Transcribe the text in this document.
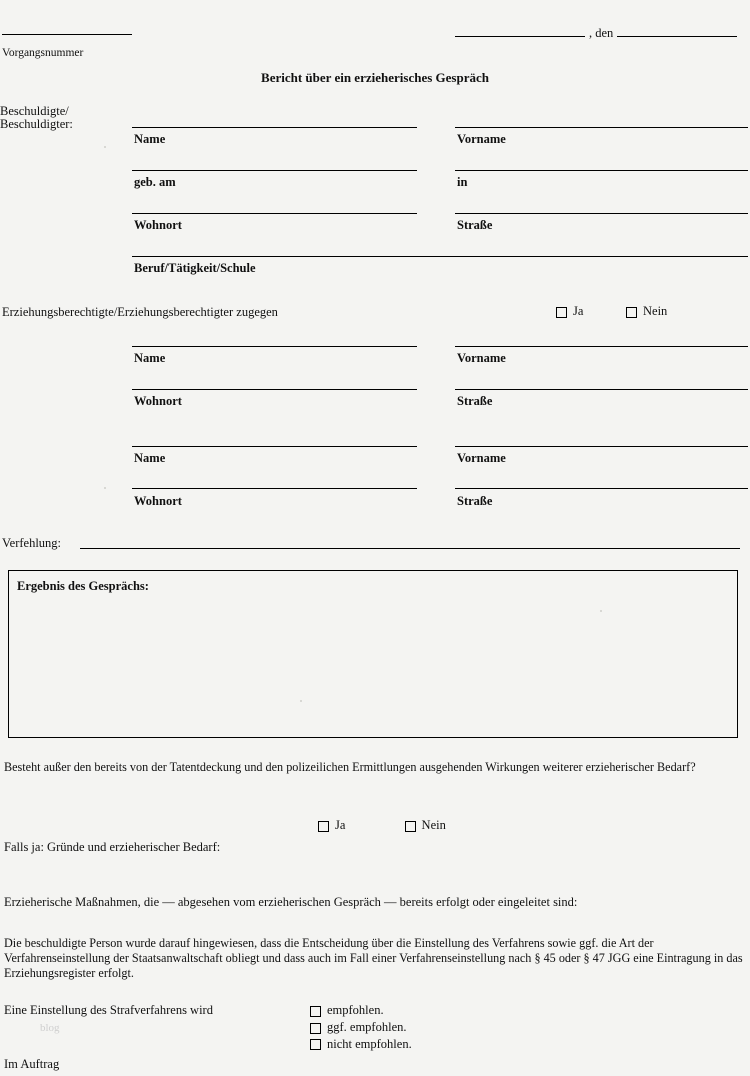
, den
Vorgangsnummer
Bericht über ein erzieherisches Gespräch
Beschuldigte/
Beschuldigter:
Name	Vorname
geb. am	in
Wohnort	Straße
Beruf/Tätigkeit/Schule
Erziehungsberechtigte/Erziehungsberechtigter zugegen	Ja	Nein
Name	Vorname
Wohnort	Straße
Name	Vorname
Wohnort	Straße
Verfehlung:
Ergebnis des Gesprächs:
Besteht außer den bereits von der Tatentdeckung und den polizeilichen Ermittlungen ausgehenden Wirkungen weiterer erzieherischer Bedarf?
Ja	Nein
Falls ja: Gründe und erzieherischer Bedarf:
Erzieherische Maßnahmen, die — abgesehen vom erzieherischen Gespräch — bereits erfolgt oder eingeleitet sind:
Die beschuldigte Person wurde darauf hingewiesen, dass die Entscheidung über die Einstellung des Verfahrens sowie ggf. die Art der Verfahrenseinstellung der Staatsanwaltschaft obliegt und dass auch im Fall einer Verfahrenseinstellung nach § 45 oder § 47 JGG eine Eintragung in das Erziehungsregister erfolgt.
Eine Einstellung des Strafverfahrens wird	empfohlen.
ggf. empfohlen.
nicht empfohlen.
blog
Im Auftrag
